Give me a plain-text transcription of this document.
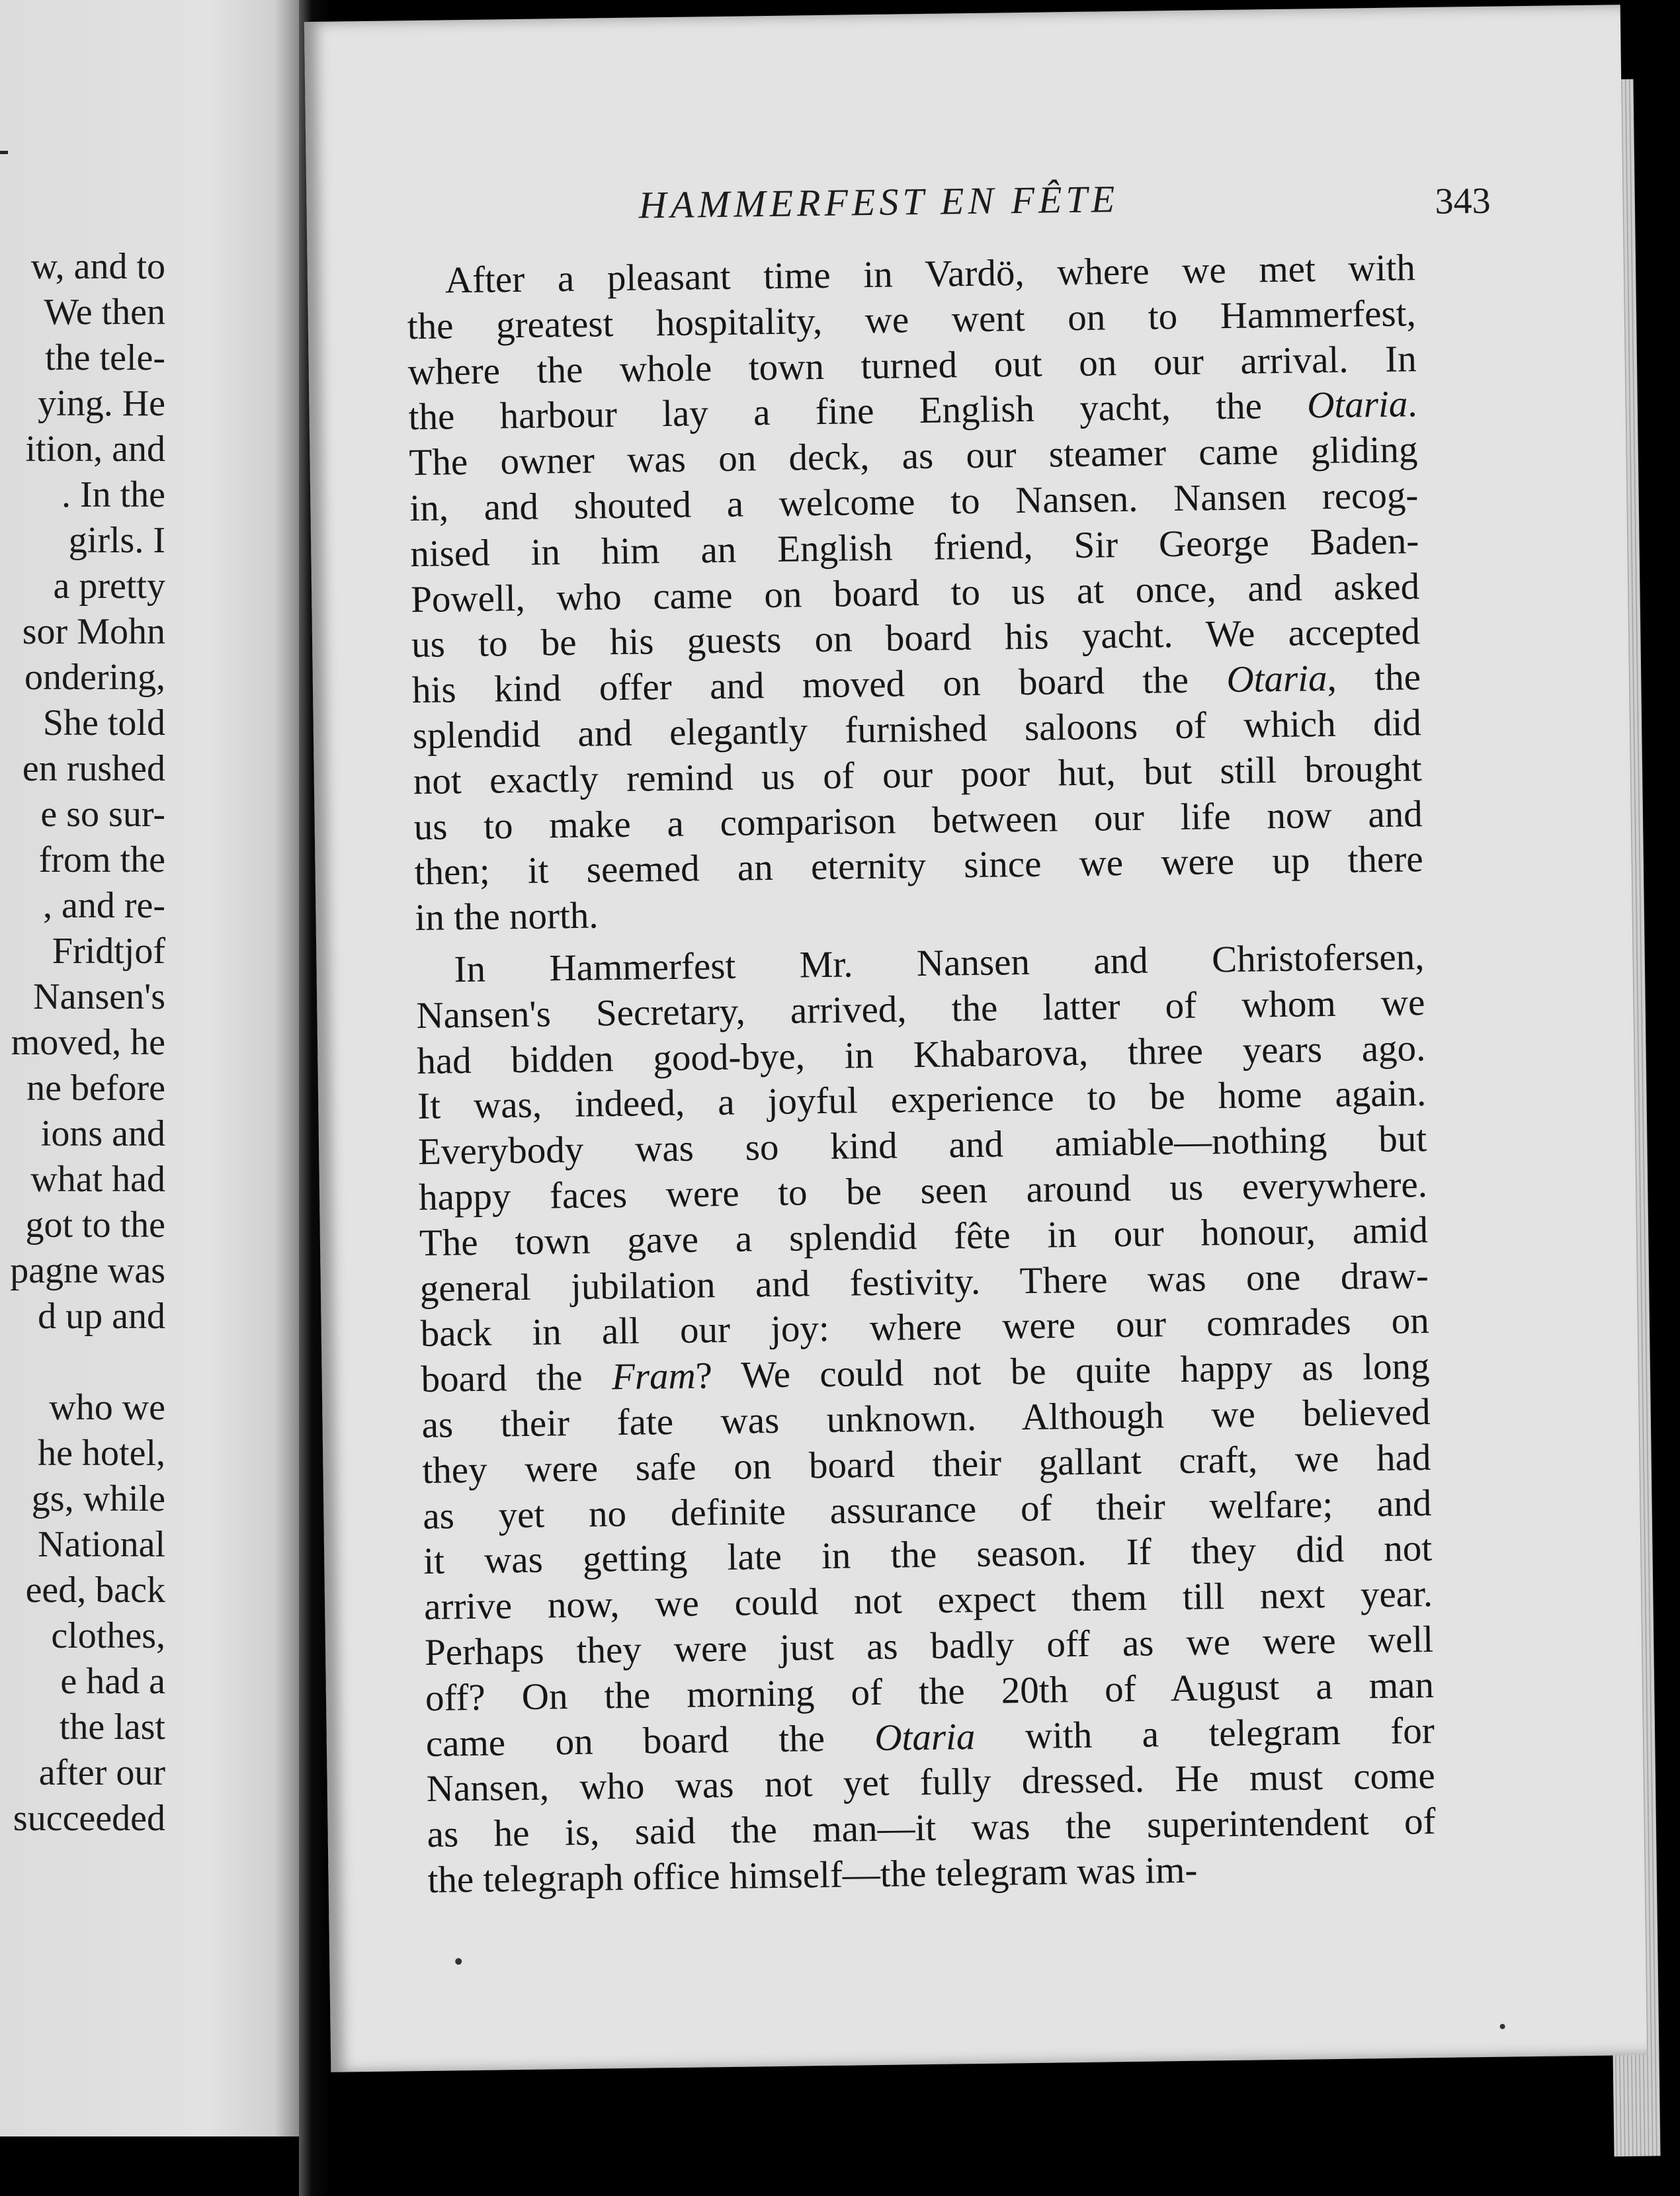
w, and to
We then
the tele-
ying. He
ition, and
. In the
girls. I
a pretty
sor Mohn
ondering,
She told
en rushed
e so sur-
from the
, and re-
Fridtjof
Nansen's
moved, he
ne before
ions and
what had
got to the
pagne was
d up and
who we
he hotel,
gs, while
National
eed, back
clothes,
e had a
the last
after our
succeeded
HAMMERFEST EN FÊTE	343
After a pleasant time in Vardö, where we met with
the greatest hospitality, we went on to Hammerfest,
where the whole town turned out on our arrival. In
the harbour lay a fine English yacht, the Otaria.
The owner was on deck, as our steamer came gliding
in, and shouted a welcome to Nansen. Nansen recog-
nised in him an English friend, Sir George Baden-
Powell, who came on board to us at once, and asked
us to be his guests on board his yacht. We accepted
his kind offer and moved on board the Otaria, the
splendid and elegantly furnished saloons of which did
not exactly remind us of our poor hut, but still brought
us to make a comparison between our life now and
then; it seemed an eternity since we were up there
in the north.
In Hammerfest Mr. Nansen and Christofersen,
Nansen's Secretary, arrived, the latter of whom we
had bidden good-bye, in Khabarova, three years ago.
It was, indeed, a joyful experience to be home again.
Everybody was so kind and amiable—nothing but
happy faces were to be seen around us everywhere.
The town gave a splendid fête in our honour, amid
general jubilation and festivity. There was one draw-
back in all our joy: where were our comrades on
board the Fram? We could not be quite happy as long
as their fate was unknown. Although we believed
they were safe on board their gallant craft, we had
as yet no definite assurance of their welfare; and
it was getting late in the season. If they did not
arrive now, we could not expect them till next year.
Perhaps they were just as badly off as we were well
off? On the morning of the 20th of August a man
came on board the Otaria with a telegram for
Nansen, who was not yet fully dressed. He must come
as he is, said the man—it was the superintendent of
the telegraph office himself—the telegram was im-
